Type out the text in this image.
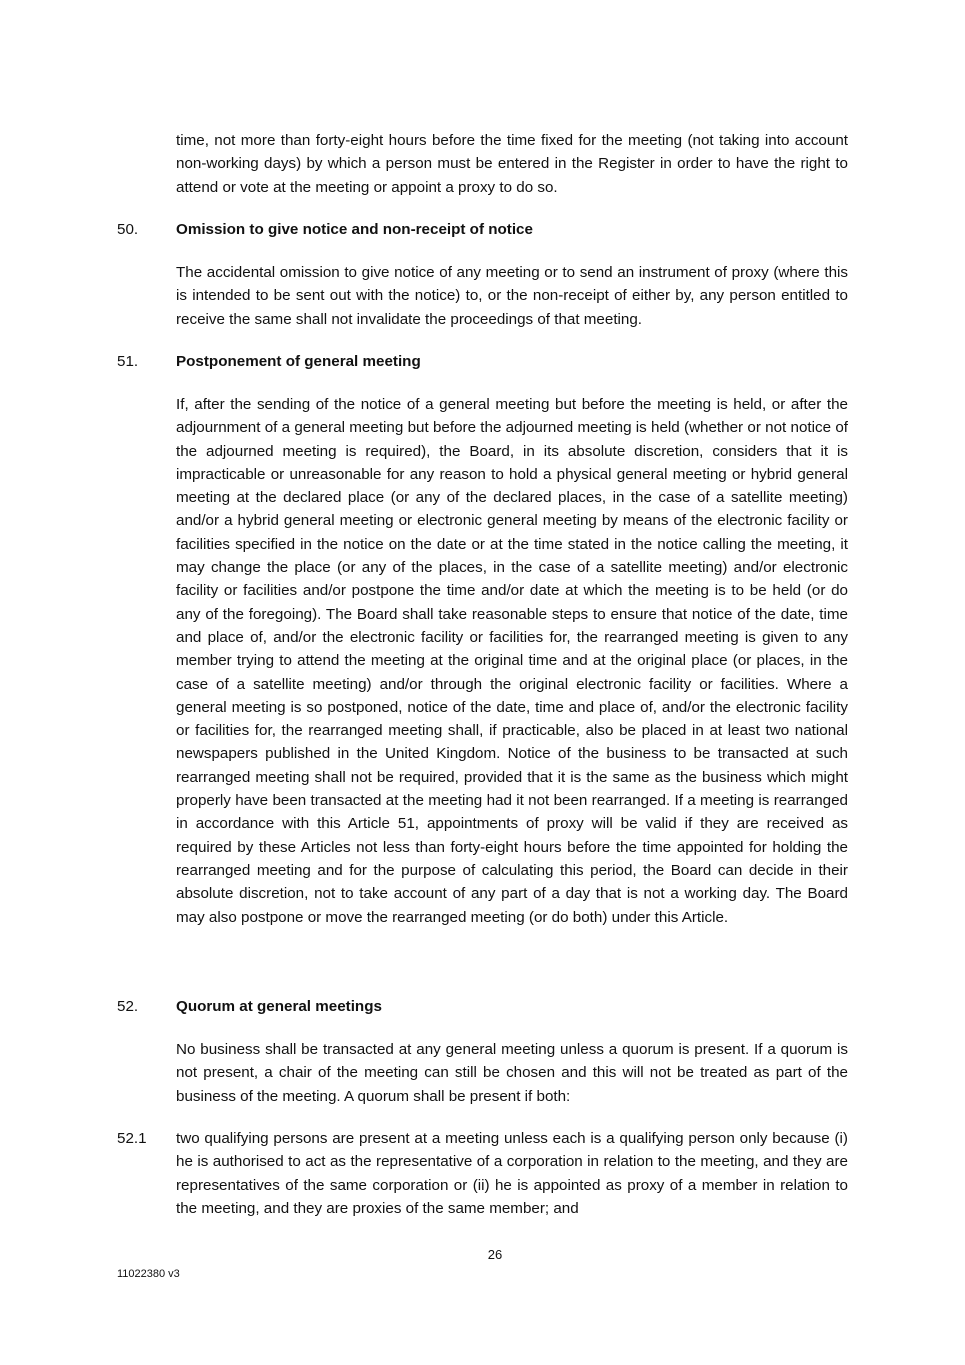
time, not more than forty-eight hours before the time fixed for the meeting (not taking into account non-working days) by which a person must be entered in the Register in order to have the right to attend or vote at the meeting or appoint a proxy to do so.

50. Omission to give notice and non-receipt of notice

The accidental omission to give notice of any meeting or to send an instrument of proxy (where this is intended to be sent out with the notice) to, or the non-receipt of either by, any person entitled to receive the same shall not invalidate the proceedings of that meeting.

51. Postponement of general meeting

If, after the sending of the notice of a general meeting but before the meeting is held, or after the adjournment of a general meeting but before the adjourned meeting is held (whether or not notice of the adjourned meeting is required), the Board, in its absolute discretion, considers that it is impracticable or unreasonable for any reason to hold a physical general meeting or hybrid general meeting at the declared place (or any of the declared places, in the case of a satellite meeting) and/or a hybrid general meeting or electronic general meeting by means of the electronic facility or facilities specified in the notice on the date or at the time stated in the notice calling the meeting, it may change the place (or any of the places, in the case of a satellite meeting) and/or electronic facility or facilities and/or postpone the time and/or date at which the meeting is to be held (or do any of the foregoing). The Board shall take reasonable steps to ensure that notice of the date, time and place of, and/or the electronic facility or facilities for, the rearranged meeting is given to any member trying to attend the meeting at the original time and at the original place (or places, in the case of a satellite meeting) and/or through the original electronic facility or facilities. Where a general meeting is so postponed, notice of the date, time and place of, and/or the electronic facility or facilities for, the rearranged meeting shall, if practicable, also be placed in at least two national newspapers published in the United Kingdom. Notice of the business to be transacted at such rearranged meeting shall not be required, provided that it is the same as the business which might properly have been transacted at the meeting had it not been rearranged. If a meeting is rearranged in accordance with this Article 51, appointments of proxy will be valid if they are received as required by these Articles not less than forty-eight hours before the time appointed for holding the rearranged meeting and for the purpose of calculating this period, the Board can decide in their absolute discretion, not to take account of any part of a day that is not a working day. The Board may also postpone or move the rearranged meeting (or do both) under this Article.

52. Quorum at general meetings

No business shall be transacted at any general meeting unless a quorum is present. If a quorum is not present, a chair of the meeting can still be chosen and this will not be treated as part of the business of the meeting. A quorum shall be present if both:

52.1 two qualifying persons are present at a meeting unless each is a qualifying person only because (i) he is authorised to act as the representative of a corporation in relation to the meeting, and they are representatives of the same corporation or (ii) he is appointed as proxy of a member in relation to the meeting, and they are proxies of the same member; and
26
11022380 v3
